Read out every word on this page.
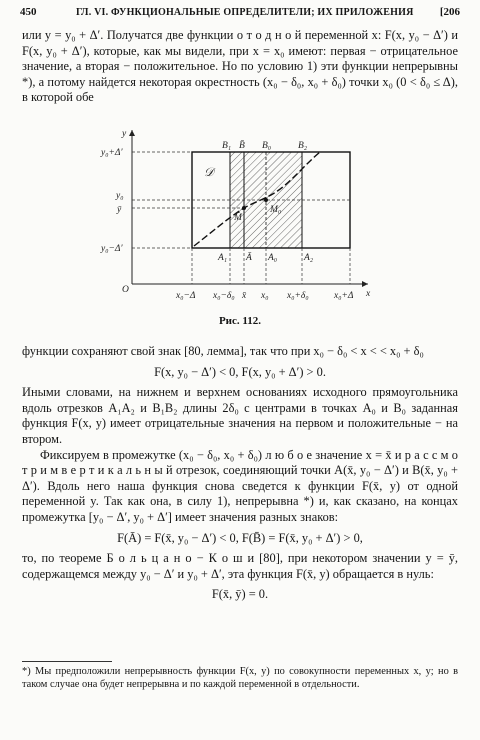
450	ГЛ. VI. ФУНКЦИОНАЛЬНЫЕ ОПРЕДЕЛИТЕЛИ; ИХ ПРИЛОЖЕНИЯ [206

или y = y₀ + Δ′. Получатся две функции о т о д н о й переменной x: F(x, y₀ − Δ′) и F(x, y₀ + Δ′), которые, как мы видели, при x = x₀ имеют: первая − отрицательное значение, а вторая − положительное. Но по условию 1) эти функции непрерывны *), а потому найдется некоторая окрестность (x₀ − δ₀, x₀ + δ₀) точки x₀ (0 < δ₀ ≤ Δ), в которой обе

y
x
O
y₀+Δ′
y₀
ȳ
y₀−Δ′
𝒟
B₁ B̄ B₀	B₂
A₁ Ā A₀	A₂
M̄
M₀
x₀−Δ x₀−δ₀ x̄ x₀ x₀+δ₀	x₀+Δ
Рис. 112.

функции сохраняют свой знак [80, лемма], так что при x₀ − δ₀ < x < < x₀ + δ₀

F(x, y₀ − Δ′) < 0, F(x, y₀ + Δ′) > 0.

Иными словами, на нижнем и верхнем основаниях исходного прямоугольника вдоль отрезков A₁A₂ и B₁B₂ длины 2δ₀ с центрами в точках A₀ и B₀ заданная функция F(x, y) имеет отрицательные значения на первом и положительные − на втором.

Фиксируем в промежутке (x₀ − δ₀, x₀ + δ₀) л ю б о е значение x = x̄ и р а с с м о т р и м в е р т и к а л ь н ы й отрезок, соединяющий точки A(x̄, y₀ − Δ′) и B(x̄, y₀ + Δ′). Вдоль него наша функция снова сведется к функции F(x̄, y) от одной переменной y. Так как она, в силу 1), непрерывна *) и, как сказано, на концах промежутка [y₀ − Δ′, y₀ + Δ′] имеет значения разных знаков:

F(Ā) = F(x̄, y₀ − Δ′) < 0, F(B̄) = F(x̄, y₀ + Δ′) > 0,

то, по теореме Б о л ь ц а н о − К о ш и [80], при некотором значении y = ȳ, содержащемся между y₀ − Δ′ и y₀ + Δ′, эта функция F(x̄, y) обращается в нуль:

F(x̄, ȳ) = 0.

*) Мы предположили непрерывность функции F(x, y) по совокупности переменных x, y; но в таком случае она будет непрерывна и по каждой переменной в отдельности.
